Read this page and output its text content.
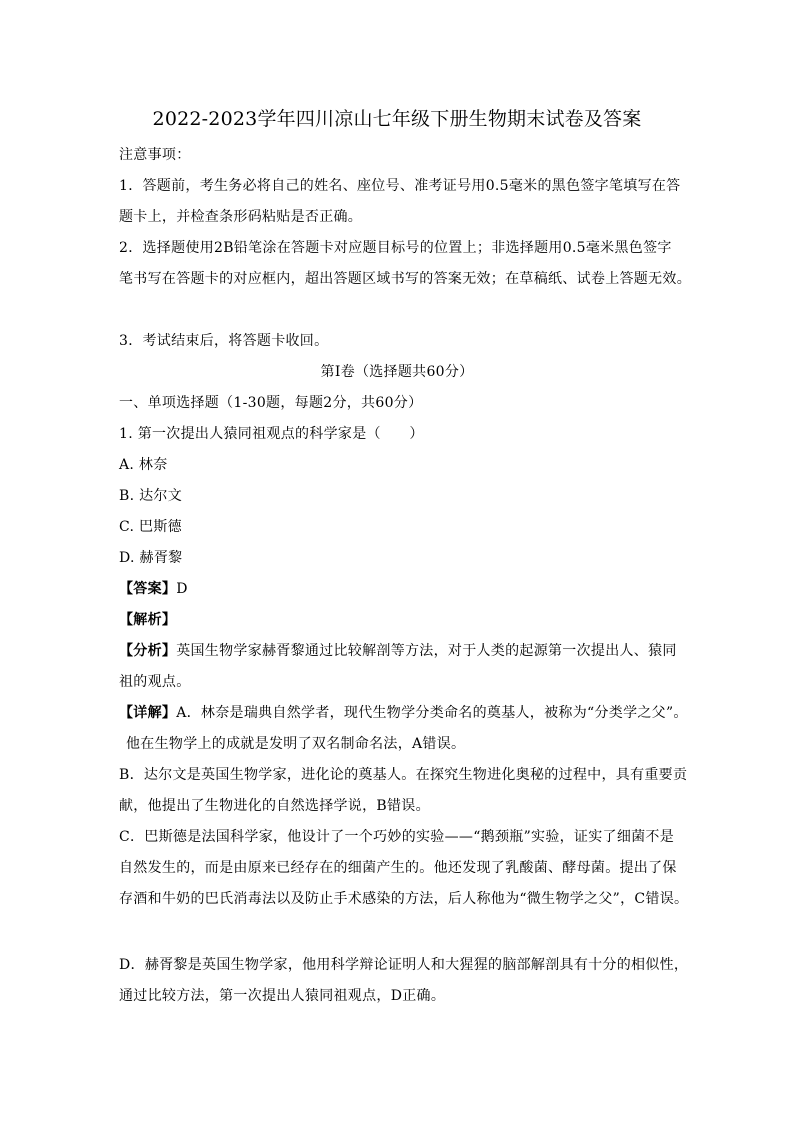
2022-2023学年四川凉山七年级下册生物期末试卷及答案
注意事项：
1．答题前，考生务必将自己的姓名、座位号、准考证号用0.5毫米的黑色签字笔填写在答
题卡上，并检查条形码粘贴是否正确。
2．选择题使用2B铅笔涂在答题卡对应题目标号的位置上；非选择题用0.5毫米黑色签字
笔书写在答题卡的对应框内，超出答题区域书写的答案无效；在草稿纸、试卷上答题无效。
3．考试结束后，将答题卡收回。
第Ⅰ卷（选择题共60分）
一、单项选择题（1-30题，每题2分，共60分）
1. 第一次提出人猿同祖观点的科学家是（　　）
A. 林奈
B. 达尔文
C. 巴斯德
D. 赫胥黎
【答案】D
【解析】
【分析】英国生物学家赫胥黎通过比较解剖等方法，对于人类的起源第一次提出人、猿同
祖的观点。
【详解】A．林奈是瑞典自然学者，现代生物学分类命名的奠基人，被称为“分类学之父”。
他在生物学上的成就是发明了双名制命名法，A错误。
B．达尔文是英国生物学家，进化论的奠基人。在探究生物进化奥秘的过程中，具有重要贡
献，他提出了生物进化的自然选择学说，B错误。
C．巴斯德是法国科学家，他设计了一个巧妙的实验——“鹅颈瓶”实验，证实了细菌不是
自然发生的，而是由原来已经存在的细菌产生的。他还发现了乳酸菌、酵母菌。提出了保
存酒和牛奶的巴氏消毒法以及防止手术感染的方法，后人称他为“微生物学之父”，C错误。
D．赫胥黎是英国生物学家，他用科学辩论证明人和大猩猩的脑部解剖具有十分的相似性，
通过比较方法，第一次提出人猿同祖观点，D正确。
